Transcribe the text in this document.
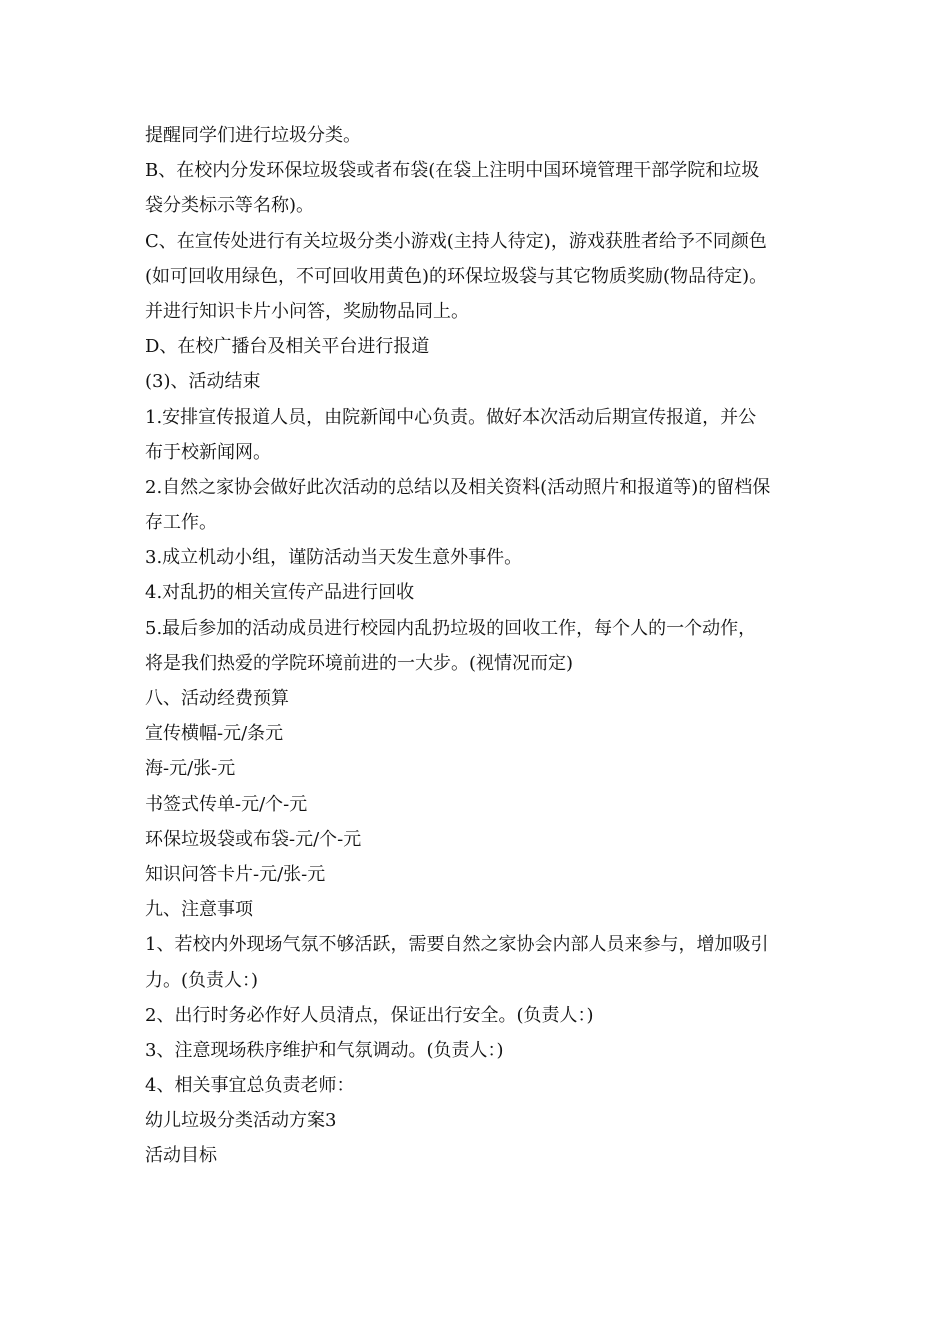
提醒同学们进行垃圾分类。

B、在校内分发环保垃圾袋或者布袋(在袋上注明中国环境管理干部学院和垃圾

袋分类标示等名称)。

C、在宣传处进行有关垃圾分类小游戏(主持人待定)，游戏获胜者给予不同颜色

(如可回收用绿色，不可回收用黄色)的环保垃圾袋与其它物质奖励(物品待定)。

并进行知识卡片小问答，奖励物品同上。

D、在校广播台及相关平台进行报道

(3)、活动结束

1.安排宣传报道人员，由院新闻中心负责。做好本次活动后期宣传报道，并公

布于校新闻网。

2.自然之家协会做好此次活动的总结以及相关资料(活动照片和报道等)的留档保

存工作。

3.成立机动小组，谨防活动当天发生意外事件。

4.对乱扔的相关宣传产品进行回收

5.最后参加的活动成员进行校园内乱扔垃圾的回收工作，每个人的一个动作，

将是我们热爱的学院环境前进的一大步。(视情况而定)

八、活动经费预算

宣传横幅-元/条元

海-元/张-元

书签式传单-元/个-元

环保垃圾袋或布袋-元/个-元

知识问答卡片-元/张-元

九、注意事项

1、若校内外现场气氛不够活跃，需要自然之家协会内部人员来参与，增加吸引

力。(负责人：)

2、出行时务必作好人员清点，保证出行安全。(负责人：)

3、注意现场秩序维护和气氛调动。(负责人：)

4、相关事宜总负责老师：

幼儿垃圾分类活动方案3

活动目标
